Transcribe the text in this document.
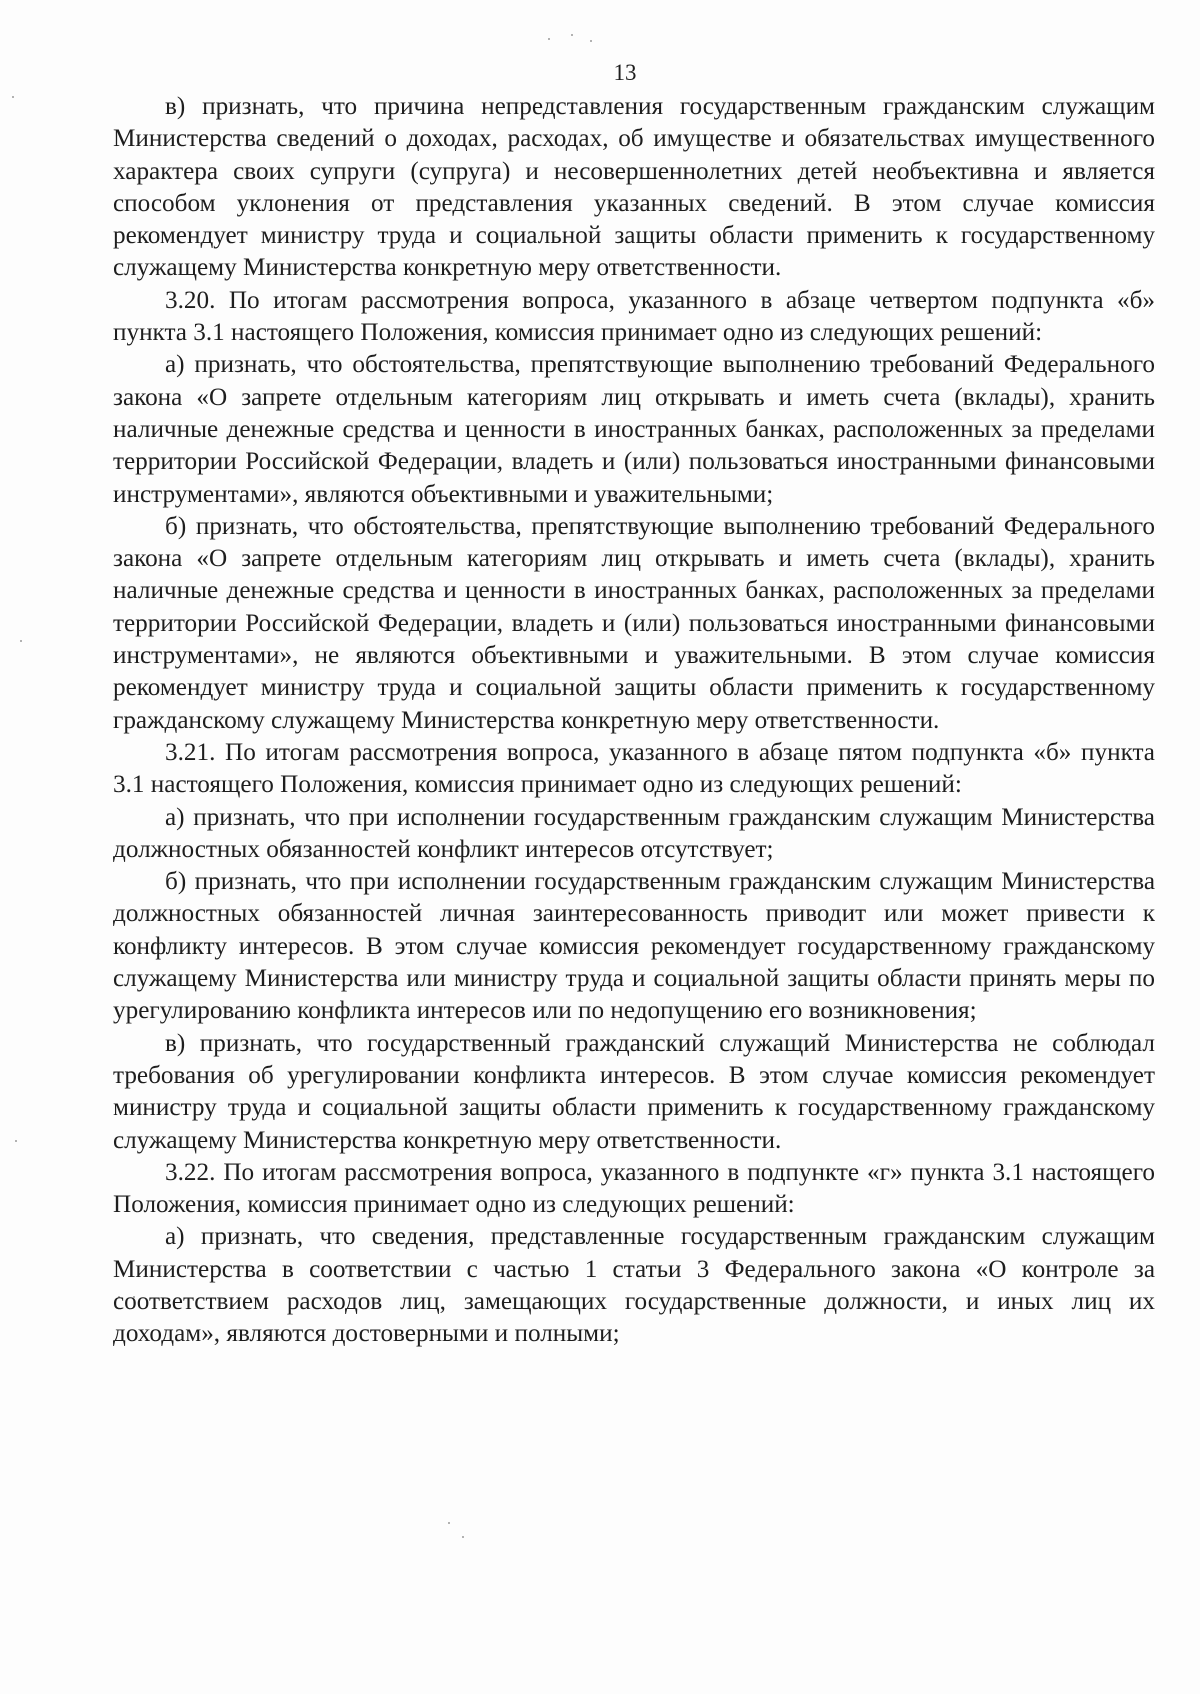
13

в) признать, что причина непредставления государственным гражданским служащим Министерства сведений о доходах, расходах, об имуществе и обязательствах имущественного характера своих супруги (супруга) и несовершеннолетних детей необъективна и является способом уклонения от представления указанных сведений. В этом случае комиссия рекомендует министру труда и социальной защиты области применить к государственному служащему Министерства конкретную меру ответственности.

3.20. По итогам рассмотрения вопроса, указанного в абзаце четвертом подпункта «б» пункта 3.1 настоящего Положения, комиссия принимает одно из следующих решений:

а) признать, что обстоятельства, препятствующие выполнению требований Федерального закона «О запрете отдельным категориям лиц открывать и иметь счета (вклады), хранить наличные денежные средства и ценности в иностранных банках, расположенных за пределами территории Российской Федерации, владеть и (или) пользоваться иностранными финансовыми инструментами», являются объективными и уважительными;

б) признать, что обстоятельства, препятствующие выполнению требований Федерального закона «О запрете отдельным категориям лиц открывать и иметь счета (вклады), хранить наличные денежные средства и ценности в иностранных банках, расположенных за пределами территории Российской Федерации, владеть и (или) пользоваться иностранными финансовыми инструментами», не являются объективными и уважительными. В этом случае комиссия рекомендует министру труда и социальной защиты области применить к государственному гражданскому служащему Министерства конкретную меру ответственности.

3.21. По итогам рассмотрения вопроса, указанного в абзаце пятом подпункта «б» пункта 3.1 настоящего Положения, комиссия принимает одно из следующих решений:

а) признать, что при исполнении государственным гражданским служащим Министерства должностных обязанностей конфликт интересов отсутствует;

б) признать, что при исполнении государственным гражданским служащим Министерства должностных обязанностей личная заинтересованность приводит или может привести к конфликту интересов. В этом случае комиссия рекомендует государственному гражданскому служащему Министерства или министру труда и социальной защиты области принять меры по урегулированию конфликта интересов или по недопущению его возникновения;

в) признать, что государственный гражданский служащий Министерства не соблюдал требования об урегулировании конфликта интересов. В этом случае комиссия рекомендует министру труда и социальной защиты области применить к государственному гражданскому служащему Министерства конкретную меру ответственности.

3.22. По итогам рассмотрения вопроса, указанного в подпункте «г» пункта 3.1 настоящего Положения, комиссия принимает одно из следующих решений:

а) признать, что сведения, представленные государственным гражданским служащим Министерства в соответствии с частью 1 статьи 3 Федерального закона «О контроле за соответствием расходов лиц, замещающих государственные должности, и иных лиц их доходам», являются достоверными и полными;
